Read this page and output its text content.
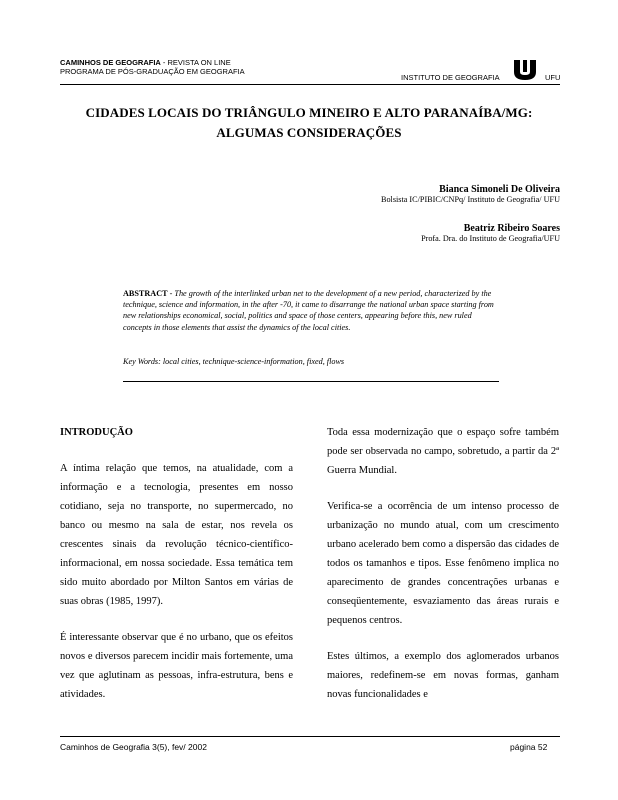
CAMINHOS DE GEOGRAFIA - REVISTA ON LINE
PROGRAMA DE PÓS-GRADUAÇÃO EM GEOGRAFIA
INSTITUTO DE GEOGRAFIA	UFU
CIDADES LOCAIS DO TRIÂNGULO MINEIRO E ALTO PARANAÍBA/MG:
ALGUMAS CONSIDERAÇÕES
Bianca Simoneli De Oliveira
Bolsista IC/PIBIC/CNPq/ Instituto de Geografia/ UFU
Beatriz Ribeiro Soares
Profa. Dra. do Instituto de Geografia/UFU
ABSTRACT - The growth of the interlinked urban net to the development of a new period, characterized by the technique, science and information, in the after -70, it came to disarrange the national urban space starting from new relationships economical, social, politics and space of those centers, appearing before this, new ruled concepts in those elements that assist the dynamics of the local cities.
Key Words: local cities, technique-science-information, fixed, flows
INTRODUÇÃO

A íntima relação que temos, na atualidade, com a informação e a tecnologia, presentes em nosso cotidiano, seja no transporte, no supermercado, no banco ou mesmo na sala de estar, nos revela os crescentes sinais da revolução técnico-científico-informacional, em nossa sociedade. Essa temática tem sido muito abordado por Milton Santos em várias de suas obras (1985, 1997).

É interessante observar que é no urbano, que os efeitos novos e diversos parecem incidir mais fortemente, uma vez que aglutinam as pessoas, infra-estrutura, bens e atividades.

Toda essa modernização que o espaço sofre também pode ser observada no campo, sobretudo, a partir da 2ª Guerra Mundial.

Verifica-se a ocorrência de um intenso processo de urbanização no mundo atual, com um crescimento urbano acelerado bem como a dispersão das cidades de todos os tamanhos e tipos. Esse fenômeno implica no aparecimento de grandes concentrações urbanas e conseqüentemente, esvaziamento das áreas rurais e pequenos centros.

Estes últimos, a exemplo dos aglomerados urbanos maiores, redefinem-se em novas formas, ganham novas funcionalidades e

Caminhos de Geografia 3(5), fev/ 2002	página 52
